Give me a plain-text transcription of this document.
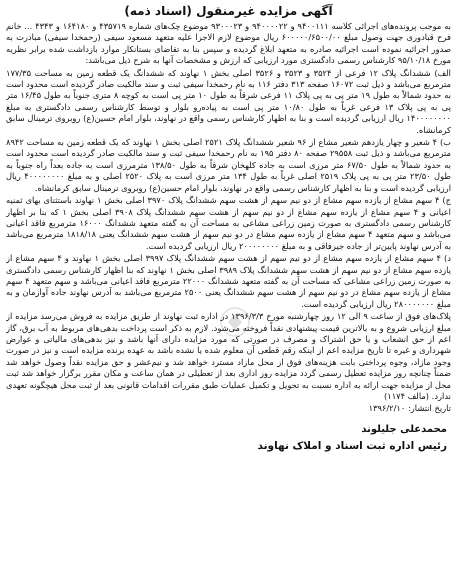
آگهی مزایده غیرمنقول (اسناد ذمه)

به موجب پرونده‌های اجرائی کلاسه ۹۴۰۰۱۱۱ و ۹۴۰۰۰۰۲۲ و ۹۳۰۰۰۲۳ موضوع چک‌های شماره ۴۳۵۷۱۹ و ۱۶۴۱۸۰ و ۴۳۴۳ ... خانم فرح قبادوری جهت وصول مبلغ ۶۰۰۰۰۰/۶۵۰۰/۰۰ ریال موضوع لازم الاجرا علیه متعهد مسعود سیفی (رحمخدا سیفی) مبادرت به صدور اجرائیه نموده است اجرائیه صادره به متعهد ابلاغ گردیده و سپس بنا به تقاضای بستانکار موارد بازداشت شده برابر نظریه مورخ ۹۵/۱۰/۱۸ کارشناس رسمی دادگستری مورد ارزیابی که ارزش و مشخصات آنها به شرح ذیل می‌باشد:

الف) ششدانگ پلاک ۱۲ فرعی از ۳۵۲۴ و ۳۵۲۳ و ۳۵۲۶ اصلی بخش ۱ نهاوند که ششدانگ یک قطعه زمین به مساحت ۱۷۷/۳۵ مترمربع می‌باشد و ذیل ثبت ۱۶۰۷۲ صفحه ۳۱۳ دفتر ۱۱۶ به نام رحمخدا سیفی ثبت و سند مالکیت صادر گردیده است محدود است به حدود شمالاً به طول ۱۹ متر پی به پی پلاک ۱۱ فرعی شرقاً به طول ۱۰ متر پی است به کوچه ۸ متری جنوباً به طول ۱۶/۴۵ متر پی به پی پلاک ۱۳ فرعی غرباً به طول ۱۰/۸۰ متر پی است به پیاده‌رو بلوار و توسط کارشناس رسمی دادگستری به مبلغ ۱۴۰۰۰۰۰۰۰۰ ریال ارزیابی گردیده است و بنا به اظهار کارشناس رسمی واقع در نهاوند، بلوار امام حسین(ع) روبروی ترمینال سابق کرمانشاه.

ب) ۴ شعیر و چهار یازدهم شعیر مشاع از ۹۶ شعیر ششدانگ پلاک ۲۵۲۱ اصلی بخش ۱ نهاوند که یک قطعه زمین به مساحت ۸۹۴۲ مترمربع می‌باشد و ذیل ثبت ۲۹۵۵۸ صفحه ۸۰ دفتر ۱۹۵ به نام رحمخدا سیفی ثبت و سند مالکیت صادر گردیده است محدود است به حدود شمالاً به طول ۶۷/۵۰ متر مرزی است به جاده کلهخان شرقاً به طول ۱۳۸/۵۰ مترمرزی است به جاده بعداً راه جنوباً به طول ۲۳/۵۰ متر پی به پی پلاک ۲۵۱۹ اصلی غرباً به طول ۱۳۴ متر مرزی است به پلاک ۲۵۲۰ اصلی و به مبلغ ۴۰۰۰۰۰۰۰۰ ریال ارزیابی گردیده است و بنا به اظهار کارشناس رسمی واقع در نهاوند، بلوار امام حسین(ع) روبروی ترمینال سابق کرمانشاه.

ج) ۴ سهم مشاع از یازده سهم مشاع از دو نیم سهم از هشت سهم ششدانگ پلاک ۳۹۷۰ اصلی بخش ۱ نهاوند باستثنای بهای ثمنیه اعیانی و ۴ سهم مشاع از یازده سهم مشاع از دو نیم سهم از هشت سهم ششدانگ پلاک ۳۹۰۸ اصلی بخش ۱ که بنا بر اظهار کارشناس رسمی دادگستری به صورت زمین زراعی مشاعی به مساحت آن به گفته متعهد ششدانگ ۱۶۰۰۰ مترمربع فاقد اعیانی می‌باشد و سهم متعهد ۴ سهم مشاع از یازده سهم مشاع در دو نیم سهم از هشت سهم ششدانگ یعنی ۱۸۱۸/۱۸ مترمربع می‌باشد به آدرس نهاوند پایین‌تر از جاده جیرفاقی و به مبلغ ۲۰۰۰۰۰۰۰۰ ریال ارزیابی گردیده است.

د) ۴ سهم مشاع از یازده سهم مشاع از دو نیم سهم از هشت سهم ششدانگ پلاک ۳۹۹۷ اصلی بخش ۱ نهاوند و ۴ سهم مشاع از یازده سهم مشاع از دو نیم سهم از هشت سهم ششدانگ پلاک ۳۹۸۹ اصلی بخش ۱ نهاوند که بنا اظهار کارشناس رسمی دادگستری به صورت زمین زراعی مشاعی که مساحت آن به گفته متعهد ششدانگ ۲۲۰۰۰ مترمربع فاقد اعیانی می‌باشد و سهم متعهد ۴ سهم مشاع از یازده سهم مشاع در دو نیم سهم از هشت سهم ششدانگ یعنی ۲۵۰۰ مترمربع می‌باشد به آدرس نهاوند جاده آوازمان و به مبلغ ۲۸۰۰۰۰۰۰۰ ریال ارزیابی گردیده است.

پلاک‌های فوق از ساعت ۹ الی ۱۲ روز چهارشنبه مورخ ۱۳۹۶/۳/۳ در اداره ثبت نهاوند از طریق مزایده به فروش می‌رسد مزایده از مبلغ ارزیابی شروع و به بالاترین قیمت پیشنهادی نقداً فروخته می‌شود. لازم به ذکر است پرداخت بدهی‌های مربوط به آب برق، گاز اعم از حق انشعاب و یا حق اشتراک و مصرف در صورتی که مورد مزایده دارای آنها باشد و نیز بدهی‌های مالیاتی و عوارض شهرداری و غیره تا تاریخ مزایده اعم از اینکه رقم قطعی آن معلوم شده یا نشده باشد به عهده برنده مزایده است و نیز در صورت وجود مازاد، وجوه پرداختی بابت هزینه‌های فوق از محل مازاد مسترد خواهد شد و نیم‌عشر و حق مزایده نقداً وصول خواهد شد ضمناً چنانچه روز مزایده تعطیل رسمی گردد مزایده روز اداری بعد از تعطیلی در همان ساعت و مکان مقرر برگزار خواهد شد ثبت محل از مزایده جهت ارائه به اداره نسبت به تحویل و تکمیل عملیات طبق مقررات اقدامات قانونی بعد از ثبت محل هیچگونه تعهدی ندارد. (مالف ۱۱۷۴)

تاریخ انتشار: ۱۳۹۶/۲/۱۰
محمدعلی جلیلوند
رئیس اداره ثبت اسناد و املاک نهاوند
